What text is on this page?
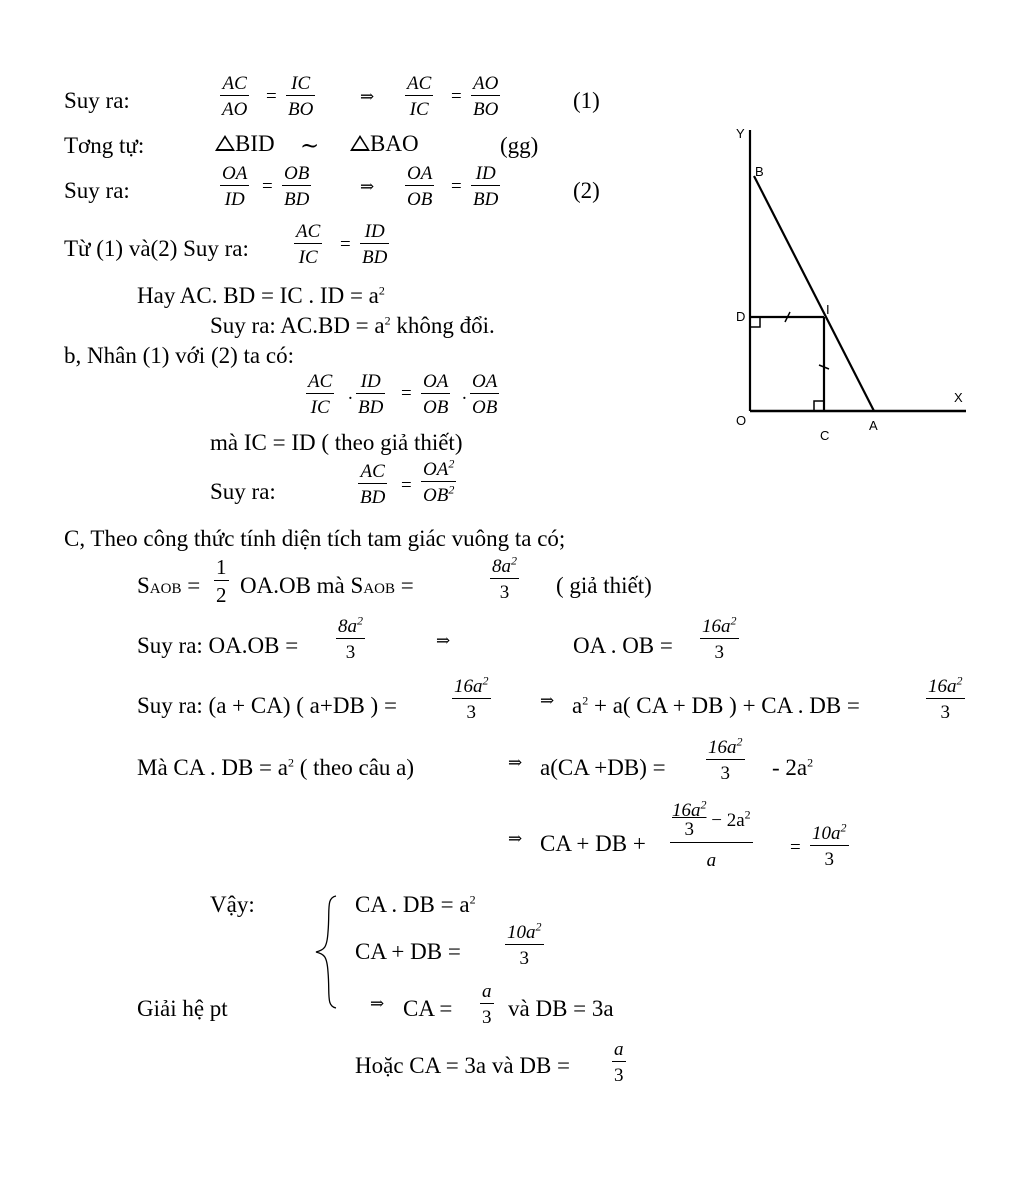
Suy ra:	$\frac{AC}{AO} = \frac{IC}{BO}$	⇒ $\frac{AC}{IC} = \frac{AO}{BO}$	(1)
Tơng tự:	BID ∼	BAO	(gg)
Suy ra:	$\frac{OA}{ID} = \frac{OB}{BD}$	⇒ $\frac{OA}{OB} = \frac{ID}{BD}$	(2)
Từ (1) và(2) Suy ra: $\frac{AC}{IC} = \frac{ID}{BD}$
Hay AC. BD = IC . ID = $a^2$
Suy ra: $AC.BD = a^2$ không đổi.
b, Nhân (1) với (2) ta có:
$\frac{AC}{IC}$ . $\frac{ID}{BD} = \frac{OA}{OB}$ . $\frac{OA}{OB}$
mà IC = ID ( theo giả thiết)
Suy ra:	$\frac{AC}{BD} = \frac{OA^2}{OB^2}$
C, Theo công thức tính diện tích tam giác vuông ta có;
SAOB = $\frac{1}{2} OA.OB$ mà SAOB =	$\frac{8a^2}{3}$ ( giả thiết)
Suy ra: $OA.OB = \frac{8a^2}{3}$	⇒	OA . OB = $\frac{16a^2}{3}$
Suy ra: (a + CA) ( a+DB ) =	$\frac{16a^2}{3}$	⇒ $a^2 + a$( CA + DB ) + CA . DB =	$\frac{16a^2}{3}$
Mà CA . DB = $a^2$ ( theo câu a)	⇒ $a(CA +DB) = \frac{16a^2}{3} - 2a^2$
⇒ CA + DB + $\frac{\frac{16a^2}{3} - 2a^2}{a} = \frac{10a^2}{3}$
Vậy:	CA . DB = $a^2$
CA + DB = $\frac{10a^2}{3}$
Giải hệ pt	⇒ CA = $\frac{a}{3}$ và DB = 3a
Hoặc CA = 3a và DB = $\frac{a}{3}$
Y
B
D	I
O
C
A
X
